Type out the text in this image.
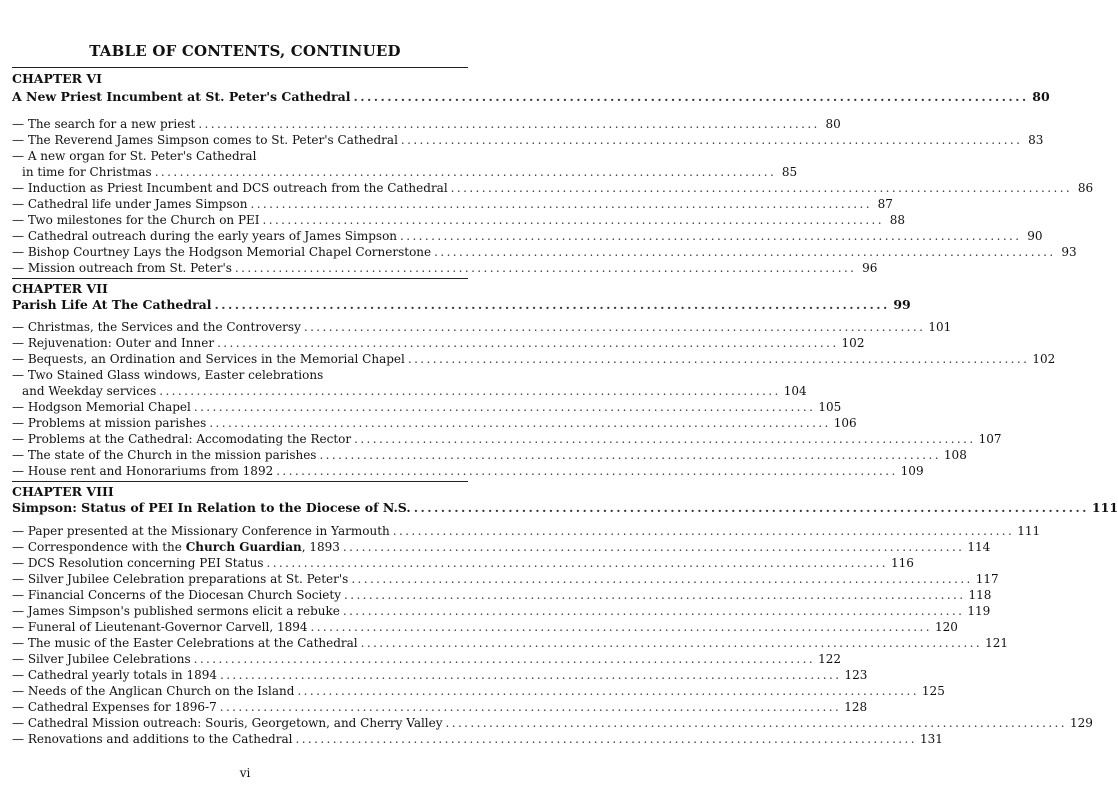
TABLE OF CONTENTS, CONTINUED
CHAPTER VI
A New Priest Incumbent at St. Peter's Cathedral .................................................................................................... 80
— The search for a new priest .................................................................................................... 80
— The Reverend James Simpson comes to St. Peter's Cathedral .................................................................................................... 83
— A new organ for St. Peter's Cathedral
in time for Christmas .................................................................................................... 85
— Induction as Priest Incumbent and DCS outreach from the Cathedral .................................................................................................... 86
— Cathedral life under James Simpson .................................................................................................... 87
— Two milestones for the Church on PEI .................................................................................................... 88
— Cathedral outreach during the early years of James Simpson .................................................................................................... 90
— Bishop Courtney Lays the Hodgson Memorial Chapel Cornerstone .................................................................................................... 93
— Mission outreach from St. Peter's .................................................................................................... 96
CHAPTER VII
Parish Life At The Cathedral .................................................................................................... 99
— Christmas, the Services and the Controversy .................................................................................................... 101
— Rejuvenation: Outer and Inner .................................................................................................... 102
— Bequests, an Ordination and Services in the Memorial Chapel .................................................................................................... 102
— Two Stained Glass windows, Easter celebrations
and Weekday services .................................................................................................... 104
— Hodgson Memorial Chapel .................................................................................................... 105
— Problems at mission parishes .................................................................................................... 106
— Problems at the Cathedral: Accomodating the Rector .................................................................................................... 107
— The state of the Church in the mission parishes .................................................................................................... 108
— House rent and Honorariums from 1892 .................................................................................................... 109
CHAPTER VIII
Simpson: Status of PEI In Relation to the Diocese of N.S. .................................................................................................... 111
— Paper presented at the Missionary Conference in Yarmouth .................................................................................................... 111
— Correspondence with the Church Guardian, 1893 .................................................................................................... 114
— DCS Resolution concerning PEI Status .................................................................................................... 116
— Silver Jubilee Celebration preparations at St. Peter's .................................................................................................... 117
— Financial Concerns of the Diocesan Church Society .................................................................................................... 118
— James Simpson's published sermons elicit a rebuke .................................................................................................... 119
— Funeral of Lieutenant-Governor Carvell, 1894 .................................................................................................... 120
— The music of the Easter Celebrations at the Cathedral .................................................................................................... 121
— Silver Jubilee Celebrations .................................................................................................... 122
— Cathedral yearly totals in 1894 .................................................................................................... 123
— Needs of the Anglican Church on the Island .................................................................................................... 125
— Cathedral Expenses for 1896-7 .................................................................................................... 128
— Cathedral Mission outreach: Souris, Georgetown, and Cherry Valley .................................................................................................... 129
— Renovations and additions to the Cathedral .................................................................................................... 131
vi
